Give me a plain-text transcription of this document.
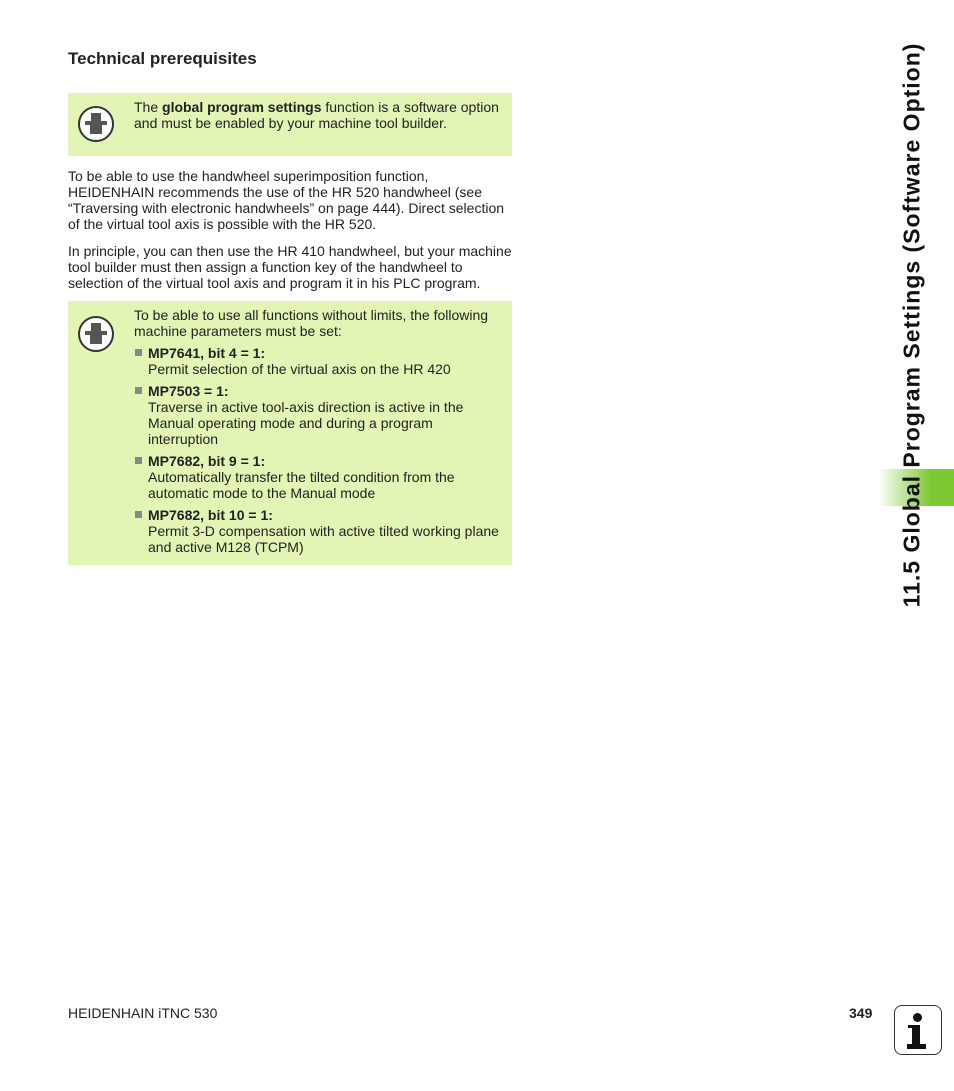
Technical prerequisites
The global program settings function is a software option and must be enabled by your machine tool builder.

To be able to use the handwheel superimposition function, HEIDENHAIN recommends the use of the HR 520 handwheel (see “Traversing with electronic handwheels” on page 444). Direct selection of the virtual tool axis is possible with the HR 520.

In principle, you can then use the HR 410 handwheel, but your machine tool builder must then assign a function key of the handwheel to selection of the virtual tool axis and program it in his PLC program.

To be able to use all functions without limits, the following machine parameters must be set:
MP7641, bit 4 = 1:
Permit selection of the virtual axis on the HR 420
MP7503 = 1:
Traverse in active tool-axis direction is active in the Manual operating mode and during a program interruption
MP7682, bit 9 = 1:
Automatically transfer the tilted condition from the automatic mode to the Manual mode
MP7682, bit 10 = 1:
Permit 3-D compensation with active tilted working plane and active M128 (TCPM)	11.5 Global Program Settings (Software Option)
HEIDENHAIN iTNC 530	349
